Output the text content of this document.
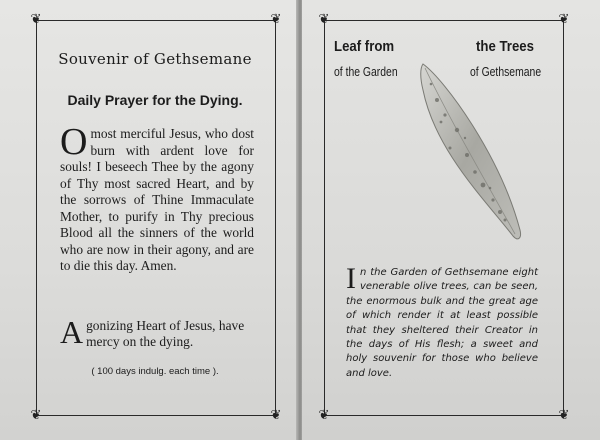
❦	❦
❦	❦
❦	❦
❦	❦
Souvenir of Gethsemane
Daily Prayer for the Dying.
Omost merciful Jesus, who dost burn with ardent love for souls! I beseech Thee by the agony of Thy most sacred Heart, and by the sorrows of Thine Immaculate Mother, to purify in Thy precious Blood all the sinners of the world who are now in their agony, and are to die this day. Amen.
Agonizing Heart of Jesus, have mercy on the dying.
( 100 days indulg. each time ).
Leaf from	the Trees
of the Garden	of Gethsemane
In the Garden of Gethsemane eight venerable olive trees, can be seen, the enormous bulk and the great age of which render it at least possible that they sheltered their Creator in the days of His flesh; a sweet and holy souvenir for those who believe and love.
